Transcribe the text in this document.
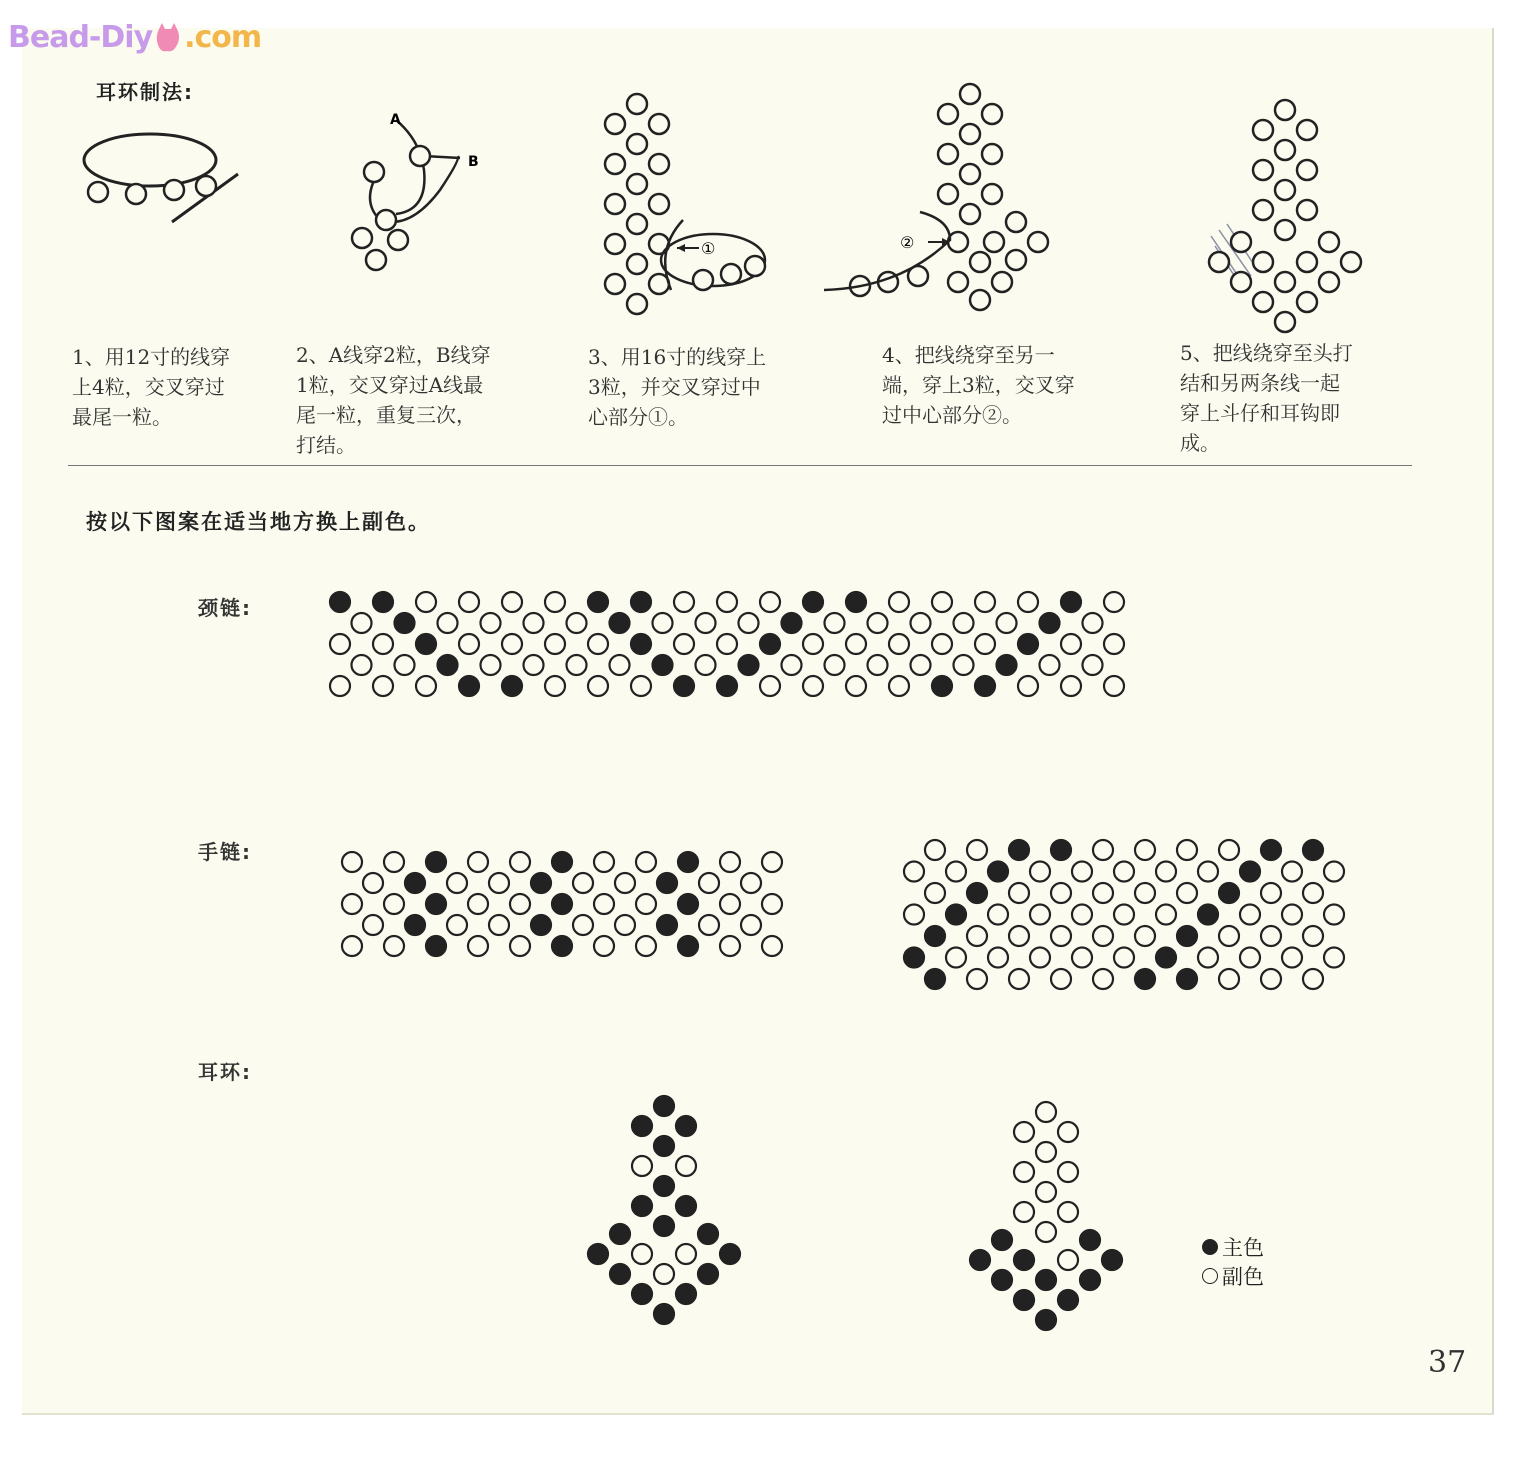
Bead-Diy .com
耳环制法:
A
B
①	②
1、用12寸的线穿
上4粒，交叉穿过
最尾一粒。
2、A线穿2粒，B线穿
1粒，交叉穿过A线最
尾一粒，重复三次，
打结。
3、用16寸的线穿上
3粒，并交叉穿过中
心部分①。
4、把线绕穿至另一
端，穿上3粒，交叉穿
过中心部分②。
5、把线绕穿至头打
结和另两条线一起
穿上斗仔和耳钩即
成。
按以下图案在适当地方换上副色。
颈链:
手链:
耳环:
主色
副色
37
